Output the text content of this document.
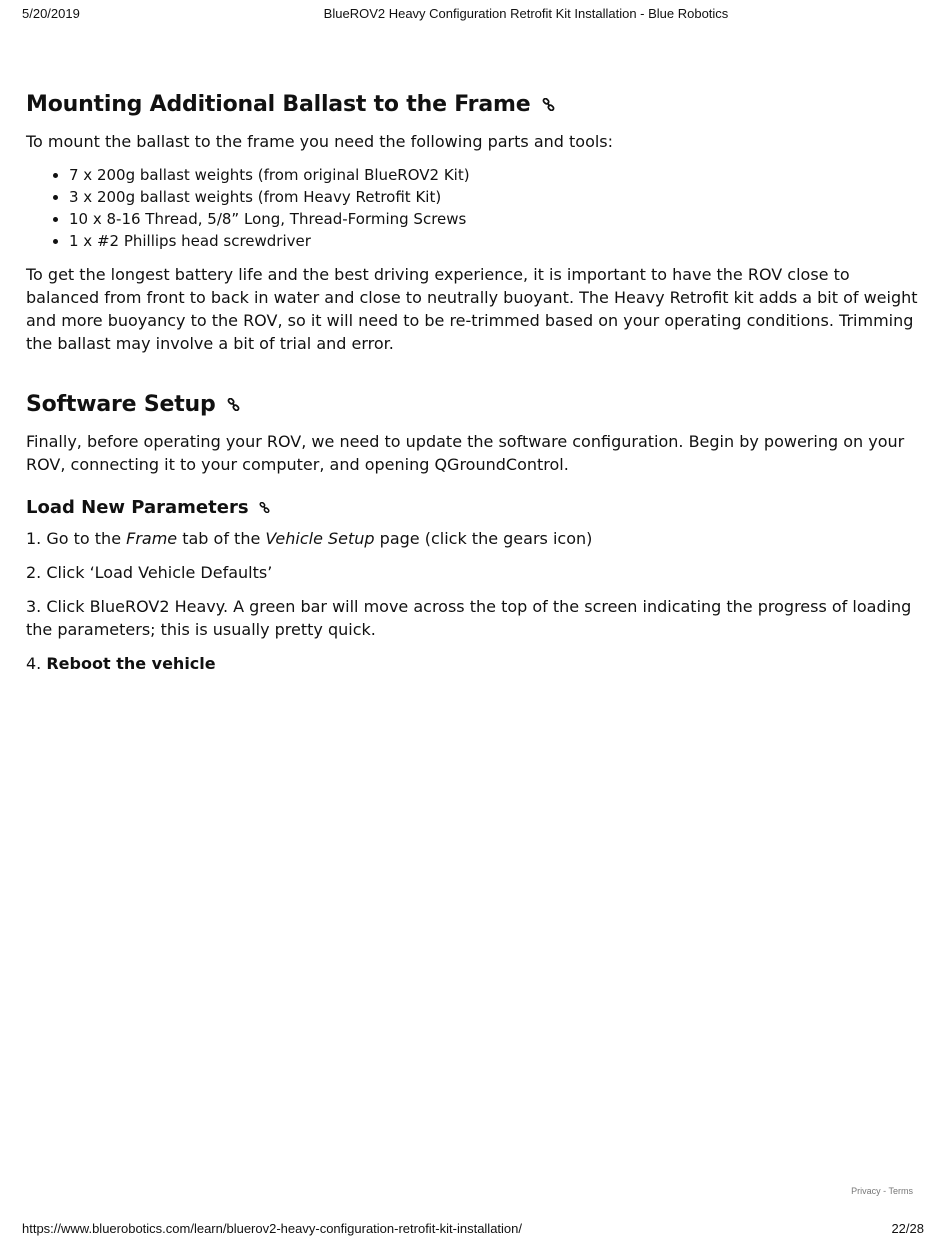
5/20/2019	BlueROV2 Heavy Configuration Retrofit Kit Installation - Blue Robotics
Mounting Additional Ballast to the Frame

To mount the ballast to the frame you need the following parts and tools:

• 7 x 200g ballast weights (from original BlueROV2 Kit)
• 3 x 200g ballast weights (from Heavy Retrofit Kit)
• 10 x 8-16 Thread, 5/8” Long, Thread-Forming Screws
• 1 x #2 Phillips head screwdriver

To get the longest battery life and the best driving experience, it is important to have the ROV close to balanced from front to back in water and close to neutrally buoyant. The Heavy Retrofit kit adds a bit of weight and more buoyancy to the ROV, so it will need to be re-trimmed based on your operating conditions. Trimming the ballast may involve a bit of trial and error.

Software Setup

Finally, before operating your ROV, we need to update the software configuration. Begin by powering on your ROV, connecting it to your computer, and opening QGroundControl.

Load New Parameters

1. Go to the Frame tab of the Vehicle Setup page (click the gears icon)

2. Click ‘Load Vehicle Defaults’

3. Click BlueROV2 Heavy. A green bar will move across the top of the screen indicating the progress of loading the parameters; this is usually pretty quick.

4. Reboot the vehicle

Privacy - Terms
https://www.bluerobotics.com/learn/bluerov2-heavy-configuration-retrofit-kit-installation/	22/28
